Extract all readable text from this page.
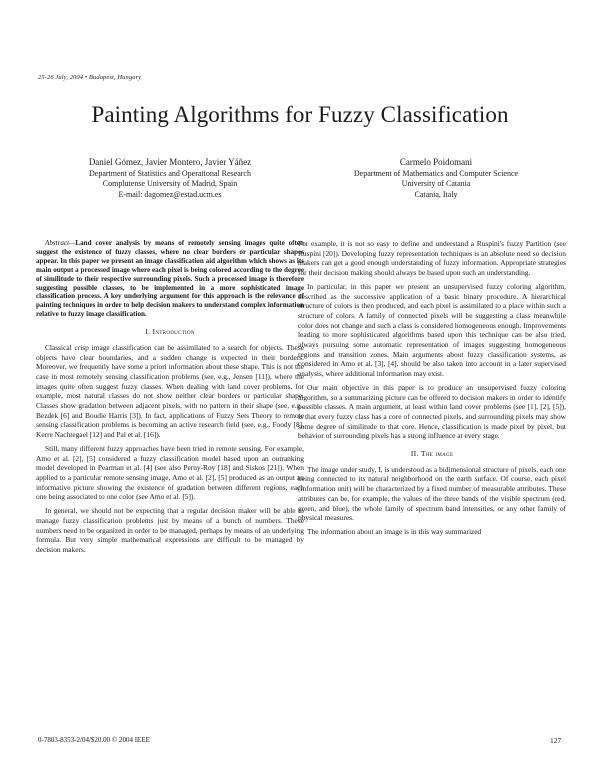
25-26 July, 2004 • Budapest, Hungary
Painting Algorithms for Fuzzy Classification
Daniel Gómez, Javier Montero, Javier Yáñez
Department of Statistics and Operational Research
Complutense University of Madrid, Spain
E-mail: dagomez@estad.ucm.es
Carmelo Poidomani
Department of Mathematics and Computer Science
University of Catania
Catania, Italy

Abstract—Land cover analysis by means of remotely sensing images quite often suggest the existence of fuzzy classes, where no clear borders or particular shapes appear. In this paper we present an image classification aid algorithm which shows as its main output a processed image where each pixel is being colored according to the degree of similitude to their respective surrounding pixels. Such a processed image is therefore suggesting possible classes, to be implemented in a more sophisticated image classification process. A key underlying argument for this approach is the relevance of painting techniques in order to help decision makers to understand complex information relative to fuzzy image classification.

I. Introduction

Classical crisp image classification can be assimilated to a search for objects. These objects have clear boundaries, and a sudden change is expected in their borders. Moreover, we frequently have some a priori information about these shape. This is not the case in most remotely sensing classification problems (see, e.g., Jensen [11]), where the images quite often suggest fuzzy classes. When dealing with land cover problems, for example, most natural classes do not show neither clear borders or particular shape. Classes show gradation between adjacent pixels, with no pattern in their shape (see, e.g., Bezdek [6] and Boudie Harris [3]). In fact, applications of Fuzzy Sets Theory to remote sensing classification problems is becoming an active research field (see, e.g., Foody [8], Kerre Nachtegael [12] and Pal et al. [16]).

Still, many different fuzzy approaches have been tried in remote sensing. For example, Amo et al. [2], [5] considered a fuzzy classification model based upon an outranking model developed in Pearman et al. [4] (see also Perny-Roy [18] and Siskos [21]). When applied to a particular remote sensing image, Amo et al. [2], [5] produced as an output an informative picture showing the existence of gradation between different regions, each one being associated to one color (see Amo et al. [5]).

In general, we should not be expecting that a regular decision maker will be able to manage fuzzy classification problems just by means of a bunch of numbers. These numbers need to be organized in order to be managed, perhaps by means of an underlying formula. But very simple mathematical expressions are difficult to be managed by decision makers.

For example, it is not so easy to define and understand a Ruspini's fuzzy Partition (see Ruspini [20]). Developing fuzzy representation techniques is an absolute need so decision makers can get a good enough understanding of fuzzy information. Appropriate strategies for their decision making should always be based upon such an understanding.

In particular, in this paper we present an unsupervised fuzzy coloring algorithm, described as the successive application of a basic binary procedure. A hierarchical structure of colors is then produced, and each pixel is assimilated to a place within such a structure of colors. A family of connected pixels will be suggesting a class meanwhile color does not change and such a class is considered homogeneous enough. Improvements leading to more sophisticated algorithms based upon this technique can be also tried, always pursuing some automatic representation of images suggesting homogeneous regions and transition zones. Main arguments about fuzzy classification systems, as considered in Amo et al. [3], [4], should be also taken into account in a later supervised analysis, where additional information may exist.

Our main objective in this paper is to produce an unsupervised fuzzy coloring algorithm, so a summarizing picture can be offered to decision makers in order to identify possible classes. A main argument, at least within land cover problems (see [1], [2], [5]), is that every fuzzy class has a core of connected pixels, and surrounding pixels may show some degree of similitude to that core. Hence, classification is made pixel by pixel, but behavior of surrounding pixels has a strong influence at every stage.

II. The image

The image under study, I, is understood as a bidimensional structure of pixels, each one being connected to its natural neighborhood on the earth surface. Of course, each pixel (information unit) will be characterized by a fixed number of measurable attributes. These attributes can be, for example, the values of the three bands of the visible spectrum (red, green, and blue), the whole family of spectrum band intensities, or any other family of physical measures.

The information about an image is in this way summarized

0-7803-8353-2/04/$20.00 © 2004 IEEE	127
